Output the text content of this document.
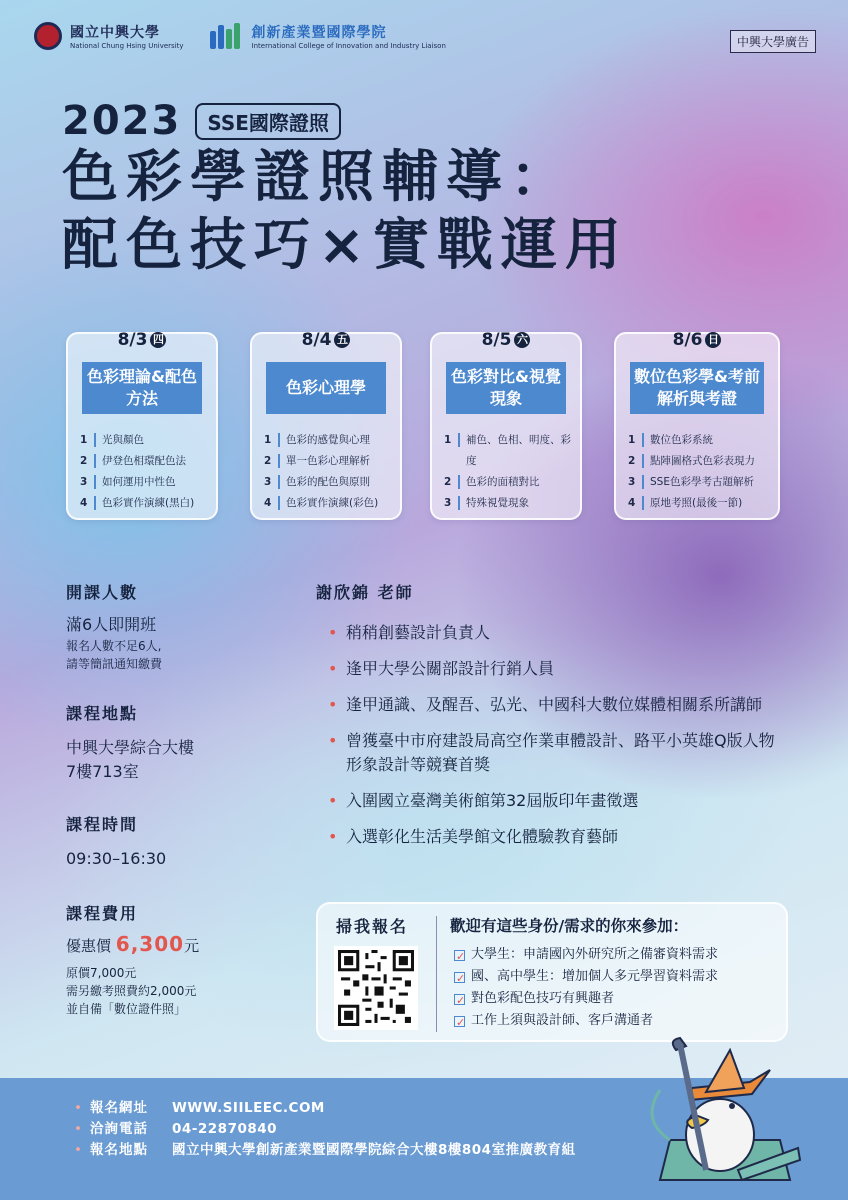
國立中興大學
National Chung Hsing University
創新產業暨國際學院
International College of Innovation and Industry Liaison	中興大學廣告
2023	SSE國際證照
色彩學證照輔導：
配色技巧×實戰運用
8/3 四
色彩理論&配色方法
1	光與顏色
2	伊登色相環配色法
3	如何運用中性色
4	色彩實作演練(黑白)
8/4 五
色彩心理學
1	色彩的感覺與心理
2	單一色彩心理解析
3	色彩的配色與原則
4	色彩實作演練(彩色)
8/5 六
色彩對比&視覺現象
1	補色、色相、明度、彩度
2	色彩的面積對比
3	特殊視覺現象
8/6 日
數位色彩學&考前解析與考證
1	數位色彩系統
2	點陣圖格式色彩表現力
3	SSE色彩學考古題解析
4	原地考照(最後一節)
開課人數
滿6人即開班
報名人數不足6人,
請等簡訊通知繳費
課程地點
中興大學綜合大樓
7樓713室
課程時間
09:30–16:30
課程費用
優惠價 6,300元
原價7,000元
需另繳考照費約2,000元
並自備「數位證件照」
謝欣錦 老師
• 稍稍創藝設計負責人
• 逢甲大學公關部設計行銷人員
• 逢甲通識、及醒吾、弘光、中國科大數位媒體相關系所講師
• 曾獲臺中市府建設局高空作業車體設計、路平小英雄Q版人物形象設計等競賽首獎
• 入圍國立臺灣美術館第32屆版印年畫徵選
• 入選彰化生活美學館文化體驗教育藝師
掃我報名	歡迎有這些身份/需求的你來參加：
✓
大學生：申請國內外研究所之備審資料需求
✓
國、高中學生：增加個人多元學習資料需求
✓
對色彩配色技巧有興趣者
✓
工作上須與設計師、客戶溝通者
• 報名網址	WWW.SIILEEC.COM
• 洽詢電話	04-22870840
• 報名地點	國立中興大學創新產業暨國際學院綜合大樓8樓804室推廣教育組
